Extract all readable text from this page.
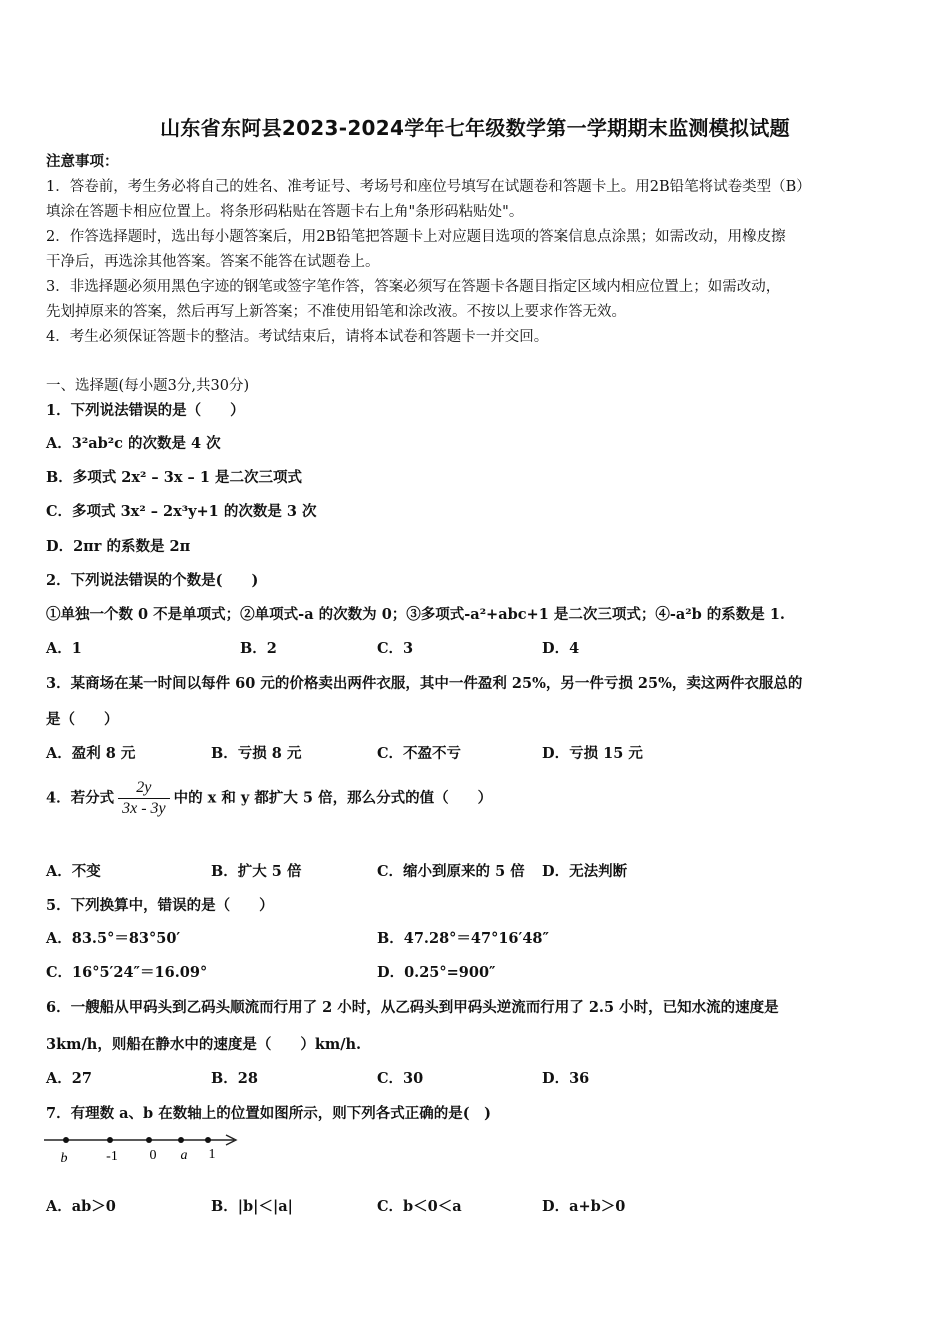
山东省东阿县2023-2024学年七年级数学第一学期期末监测模拟试题
注意事项：
1．答卷前，考生务必将自己的姓名、准考证号、考场号和座位号填写在试题卷和答题卡上。用2B铅笔将试卷类型（B）
填涂在答题卡相应位置上。将条形码粘贴在答题卡右上角"条形码粘贴处"。
2．作答选择题时，选出每小题答案后，用2B铅笔把答题卡上对应题目选项的答案信息点涂黑；如需改动，用橡皮擦
干净后，再选涂其他答案。答案不能答在试题卷上。
3．非选择题必须用黑色字迹的钢笔或签字笔作答，答案必须写在答题卡各题目指定区域内相应位置上；如需改动，
先划掉原来的答案，然后再写上新答案；不准使用铅笔和涂改液。不按以上要求作答无效。
4．考生必须保证答题卡的整洁。考试结束后，请将本试卷和答题卡一并交回。
一、选择题(每小题3分,共30分)
1．下列说法错误的是（　　）
A．3²ab²c 的次数是 4 次
B．多项式 2x² – 3x – 1 是二次三项式
C．多项式 3x² – 2x³y+1 的次数是 3 次
D．2πr 的系数是 2π
2．下列说法错误的个数是(　　)
①单独一个数 0 不是单项式；②单项式-a 的次数为 0；③多项式-a²+abc+1 是二次三项式；④-a²b 的系数是 1.
A．1	B．2	C．3	D．4
3．某商场在某一时间以每件 60 元的价格卖出两件衣服，其中一件盈利 25%，另一件亏损 25%，卖这两件衣服总的
是（　　）
A．盈利 8 元	B．亏损 8 元	C．不盈不亏	D．亏损 15 元
4．若分式 $\frac{2y}{3x - 3y}$ 中的 x 和 y 都扩大 5 倍，那么分式的值（　　）
A．不变	B．扩大 5 倍	C．缩小到原来的 5 倍 D．无法判断
5．下列换算中，错误的是（　　）
A．83.5°＝83°50′	B．47.28°＝47°16′48″
C．16°5′24″＝16.09°	D．0.25°=900″
6．一艘船从甲码头到乙码头顺流而行用了 2 小时，从乙码头到甲码头逆流而行用了 2.5 小时，已知水流的速度是
3km/h，则船在静水中的速度是（　　）km/h.
A．27	B．28	C．30	D．36
7．有理数 a、b 在数轴上的位置如图所示，则下列各式正确的是(　)
b	-1 0 a 1
A．ab＞0	B．|b|＜|a|	C．b＜0＜a	D．a+b＞0
